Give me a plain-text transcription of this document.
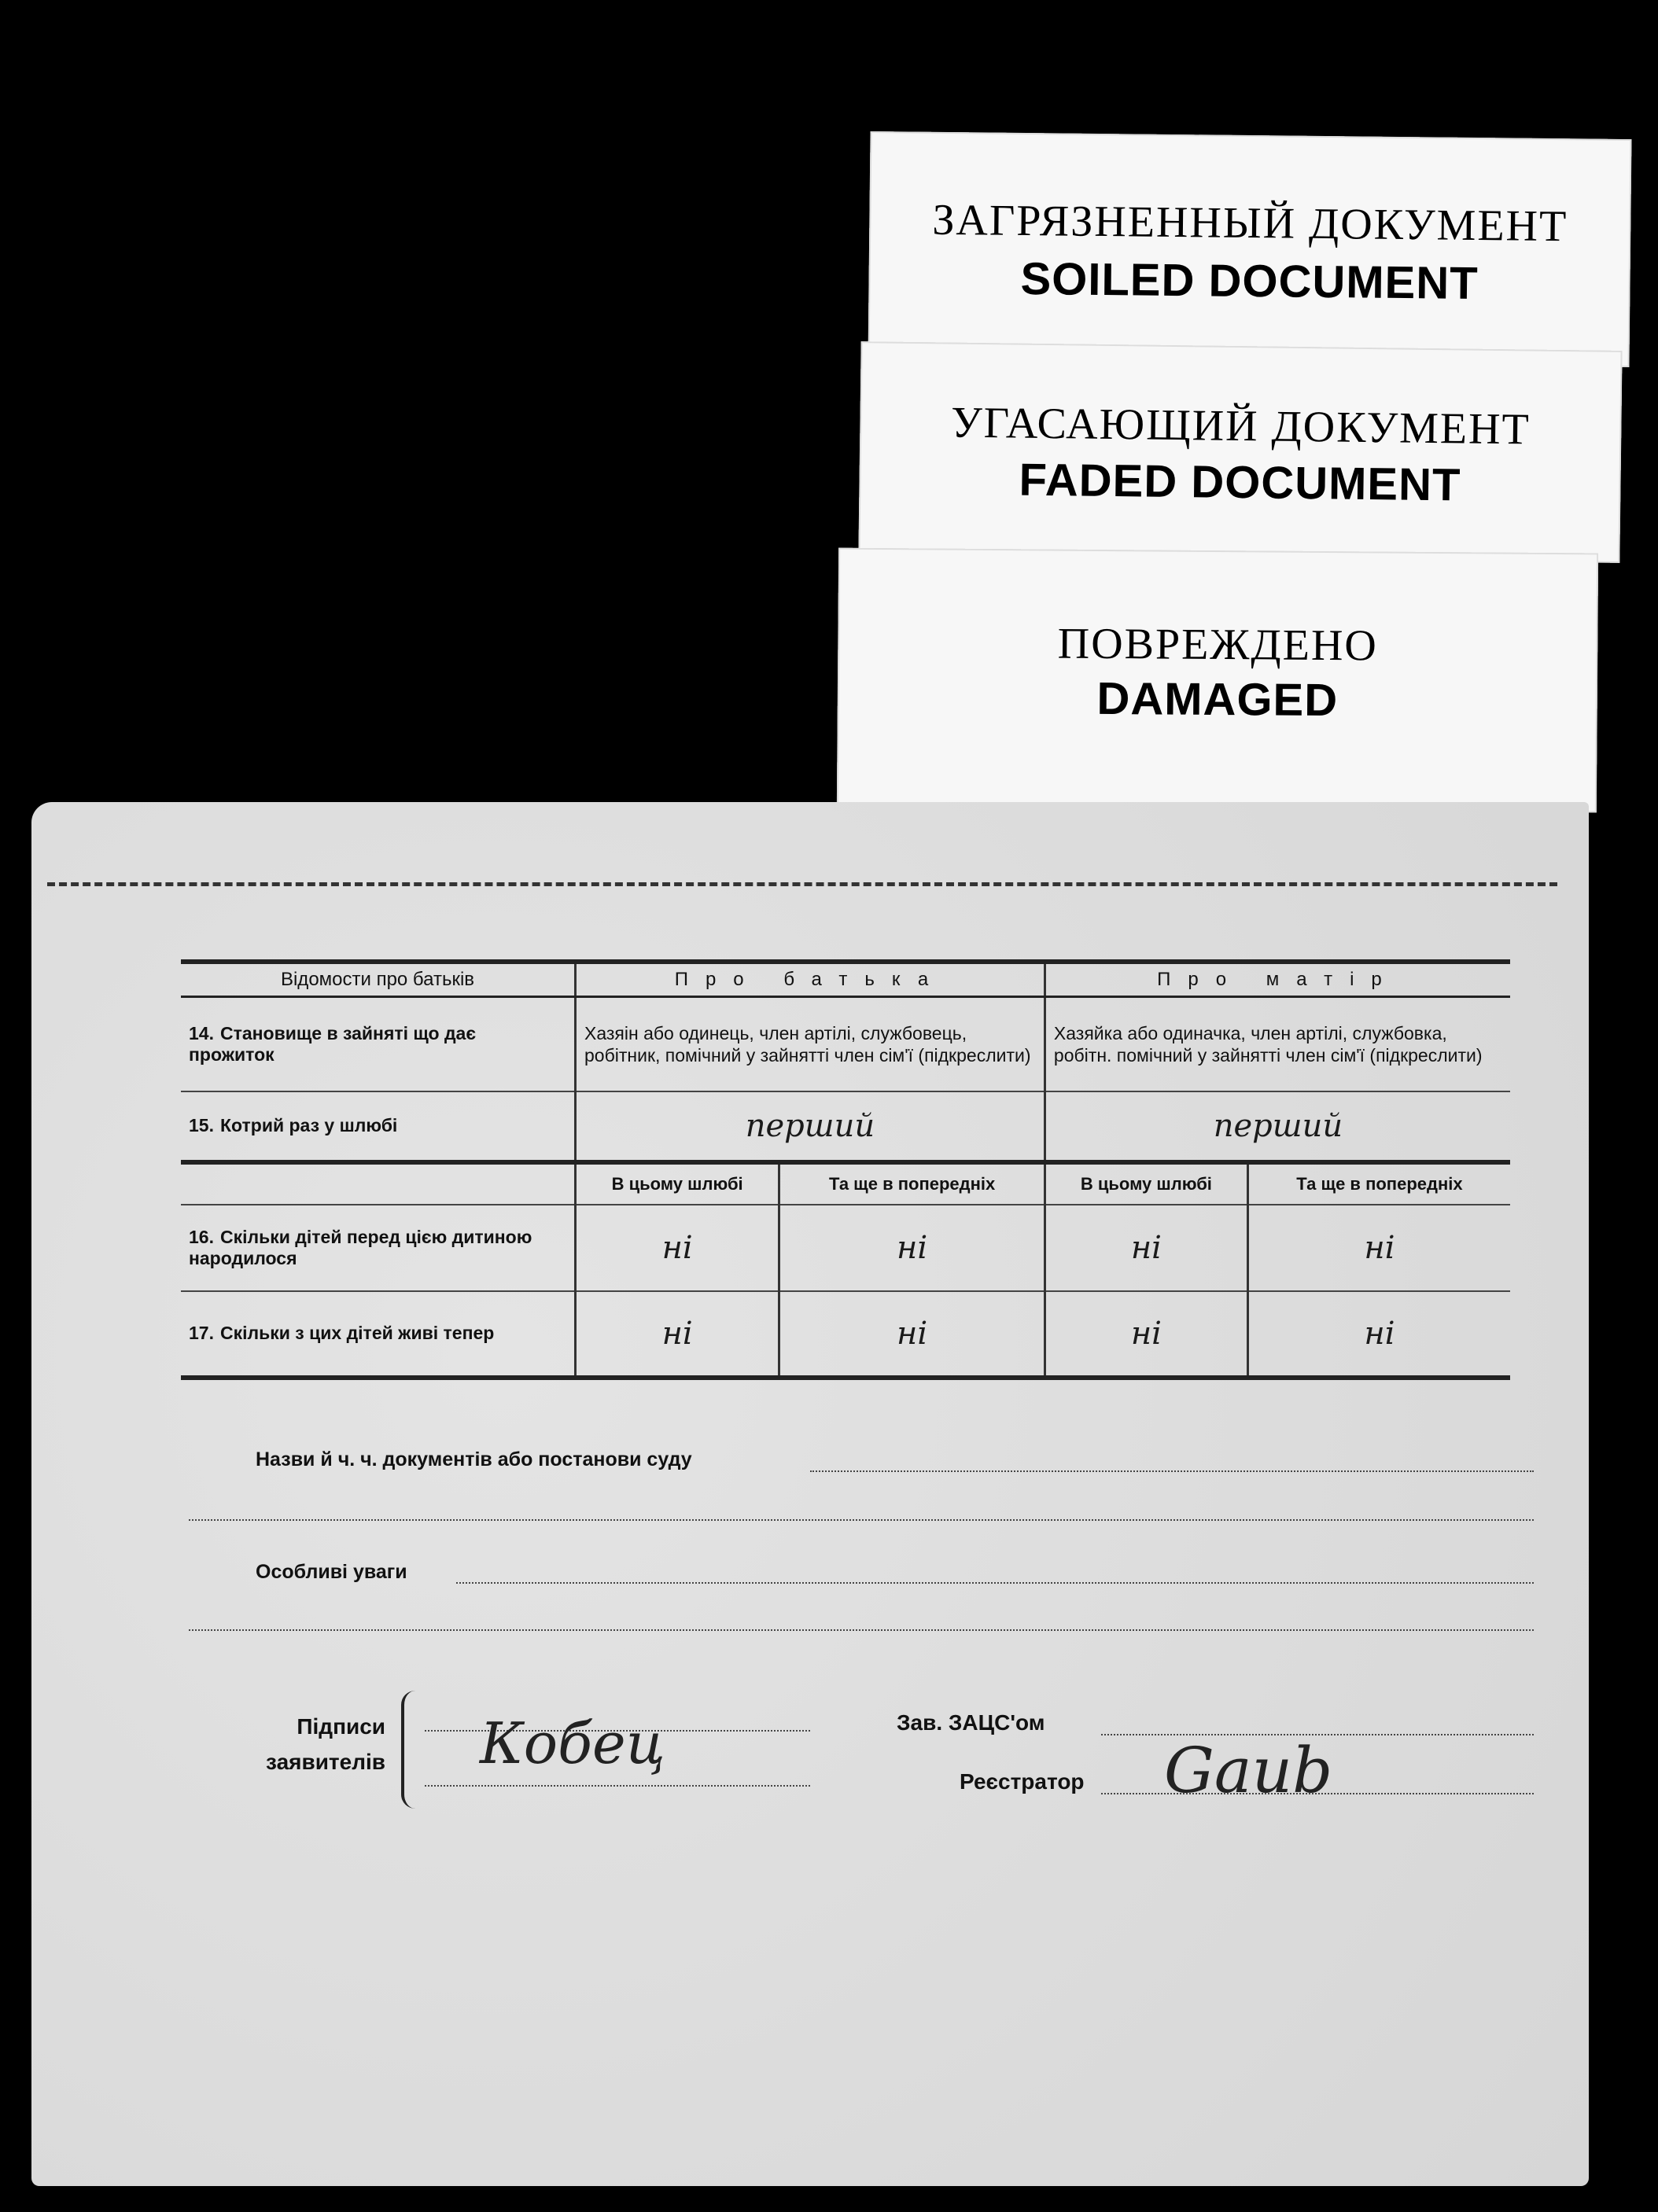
ЗАГРЯЗНЕННЫЙ ДОКУМЕНТ
SOILED DOCUMENT
УГАСАЮЩИЙ ДОКУМЕНТ
FADED DOCUMENT
ПОВРЕЖДЕНО
DAMAGED
Відомости про батьків	Про батька		Про матір	
14. Становище в зайняті що дає прожиток	Хазяін або одинець, член артілі, службовець, робітник, помічний у зайнятті член сім'ї (підкреслити)		Хазяйка або одиначка, член артілі, службовка, робітн. помічний у зайнятті член сім'ї (підкреслити)	
15. Котрий раз у шлюбі	перший		перший	
	В цьому шлюбі	Та ще в попередніх	В цьому шлюбі	Та ще в попередніх
16. Скільки дітей перед цією дитиною народилося	ні	ні	ні	ні
17. Скільки з цих дітей живі тепер	ні	ні	ні	ні
Назви й ч. ч. документів або постанови суду
Особливі уваги
Підписи
заявителів Кобец	Зав. ЗАЦС'ом
Реєстратор	Gaub
